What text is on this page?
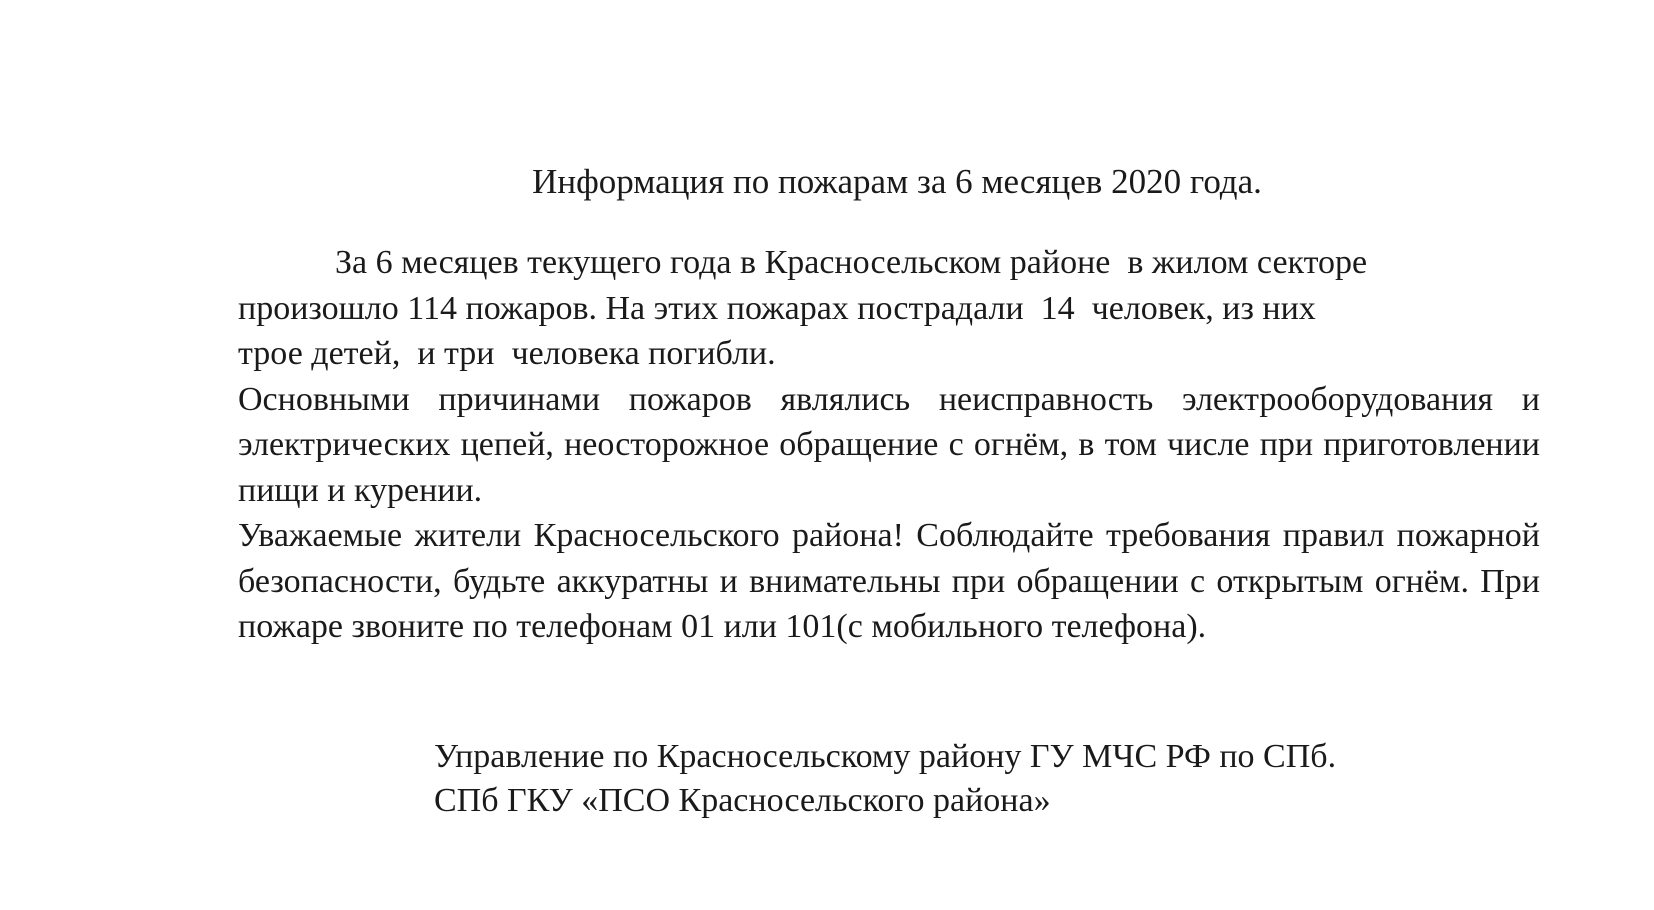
Информация по пожарам за 6 месяцев 2020 года.
За 6 месяцев текущего года в Красносельском районе  в жилом секторе
произошло 114 пожаров. На этих пожарах пострадали  14  человек, из них
трое детей,  и три  человека погибли.

Основными причинами пожаров являлись неисправность электрооборудования и электрических цепей, неосторожное обращение с огнём, в том числе при приготовлении пищи и курении.

Уважаемые жители Красносельского района! Соблюдайте требования правил пожарной безопасности, будьте аккуратны и внимательны при обращении с открытым огнём. При пожаре звоните по телефонам 01 или 101(с мобильного телефона).

Управление по Красносельскому району ГУ МЧС РФ по СПб.
СПб ГКУ «ПСО Красносельского района»
